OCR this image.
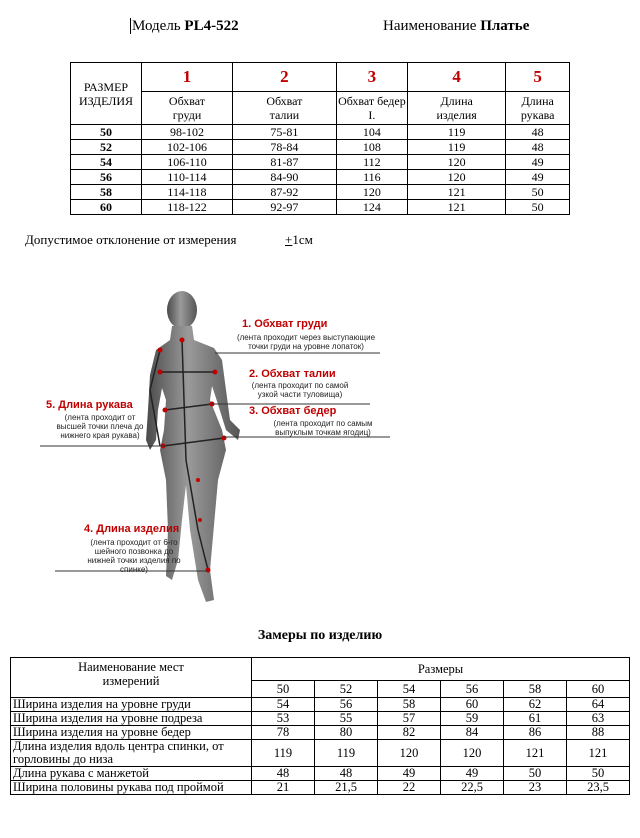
Модель PL4-522	Наименование Платье
РАЗМЕР ИЗДЕЛИЯ	1	2	3	4	5
	Обхват груди	Обхват талии	Обхват бедер I.	Длина изделия	Длина рукава
50	98-102	75-81	104	119	48
52	102-106	78-84	108	119	48
54	106-110	81-87	112	120	49
56	110-114	84-90	116	120	49
58	114-118	87-92	120	121	50
60	118-122	92-97	124	121	50
Допустимое отклонение от измерения	+1см
1. Обхват груди
(лента проходит через выступающие точки груди на уровне лопаток)
2. Обхват талии
(лента проходит по самой узкой части туловища)
3. Обхват бедер
(лента проходит по самым выпуклым точкам ягодиц)
5. Длина рукава
(лента проходит от высшей точки плеча до нижнего края рукава)
4. Длина изделия
(лента проходит от 6-го шейного позвонка до нижней точки изделия по спинке)
Замеры по изделию
Наименование мест измерений	Размеры					
	50	52	54	56	58	60
Ширина изделия на уровне груди	54	56	58	60	62	64
Ширина изделия на уровне подреза	53	55	57	59	61	63
Ширина изделия на уровне бедер	78	80	82	84	86	88
Длина изделия вдоль центра спинки, от горловины до низа	119	119	120	120	121	121
Длина рукава с манжетой	48	48	49	49	50	50
Ширина половины рукава под проймой	21	21,5	22	22,5	23	23,5
